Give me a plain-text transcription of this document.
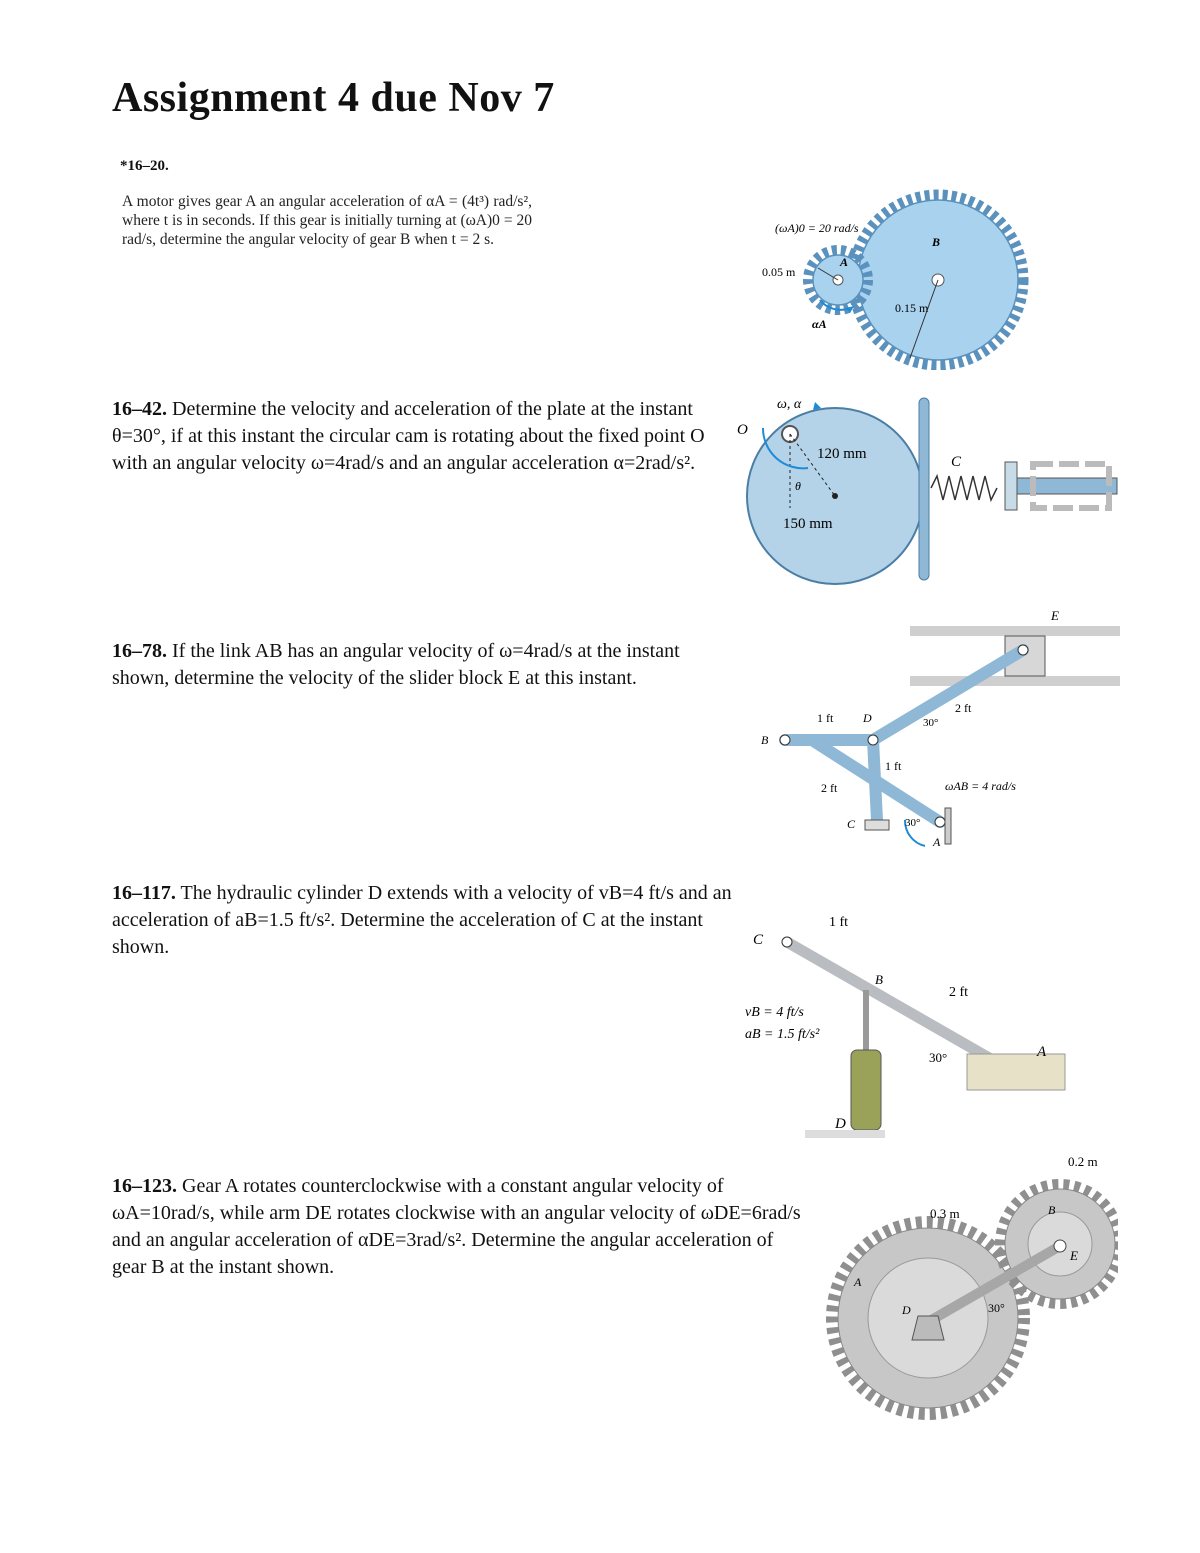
Assignment 4 due Nov 7
*16–20.
A motor gives gear A an angular acceleration of αA = (4t³) rad/s², where t is in seconds. If this gear is initially turning at (ωA)0 = 20 rad/s, determine the angular velocity of gear B when t = 2 s.
(ωA)0 = 20 rad/s
0.05 m
0.15 m
A
B
αA
16–42. Determine the velocity and acceleration of the plate at the instant θ=30°, if at this instant the circular cam is rotating about the fixed point O with an angular velocity ω=4rad/s and an angular acceleration α=2rad/s².
ω, α
O
120 mm
θ
150 mm
C
16–78. If the link AB has an angular velocity of ω=4rad/s at the instant shown, determine the velocity of the slider block E at this instant.
E
B
D
C
A
1 ft
1 ft
2 ft
2 ft
30°
30°
ωAB = 4 rad/s
16–117. The hydraulic cylinder D extends with a velocity of vB=4 ft/s and an acceleration of aB=1.5 ft/s². Determine the acceleration of C at the instant shown.	C
B
A
D
1 ft
2 ft
vB = 4 ft/s
aB = 1.5 ft/s²
30°
16–123. Gear A rotates counterclockwise with a constant angular velocity of ωA=10rad/s, while arm DE rotates clockwise with an angular velocity of ωDE=6rad/s and an angular acceleration of αDE=3rad/s². Determine the angular acceleration of gear B at the instant shown.
0.2 m
0.3 m
A
B
D
E
30°
